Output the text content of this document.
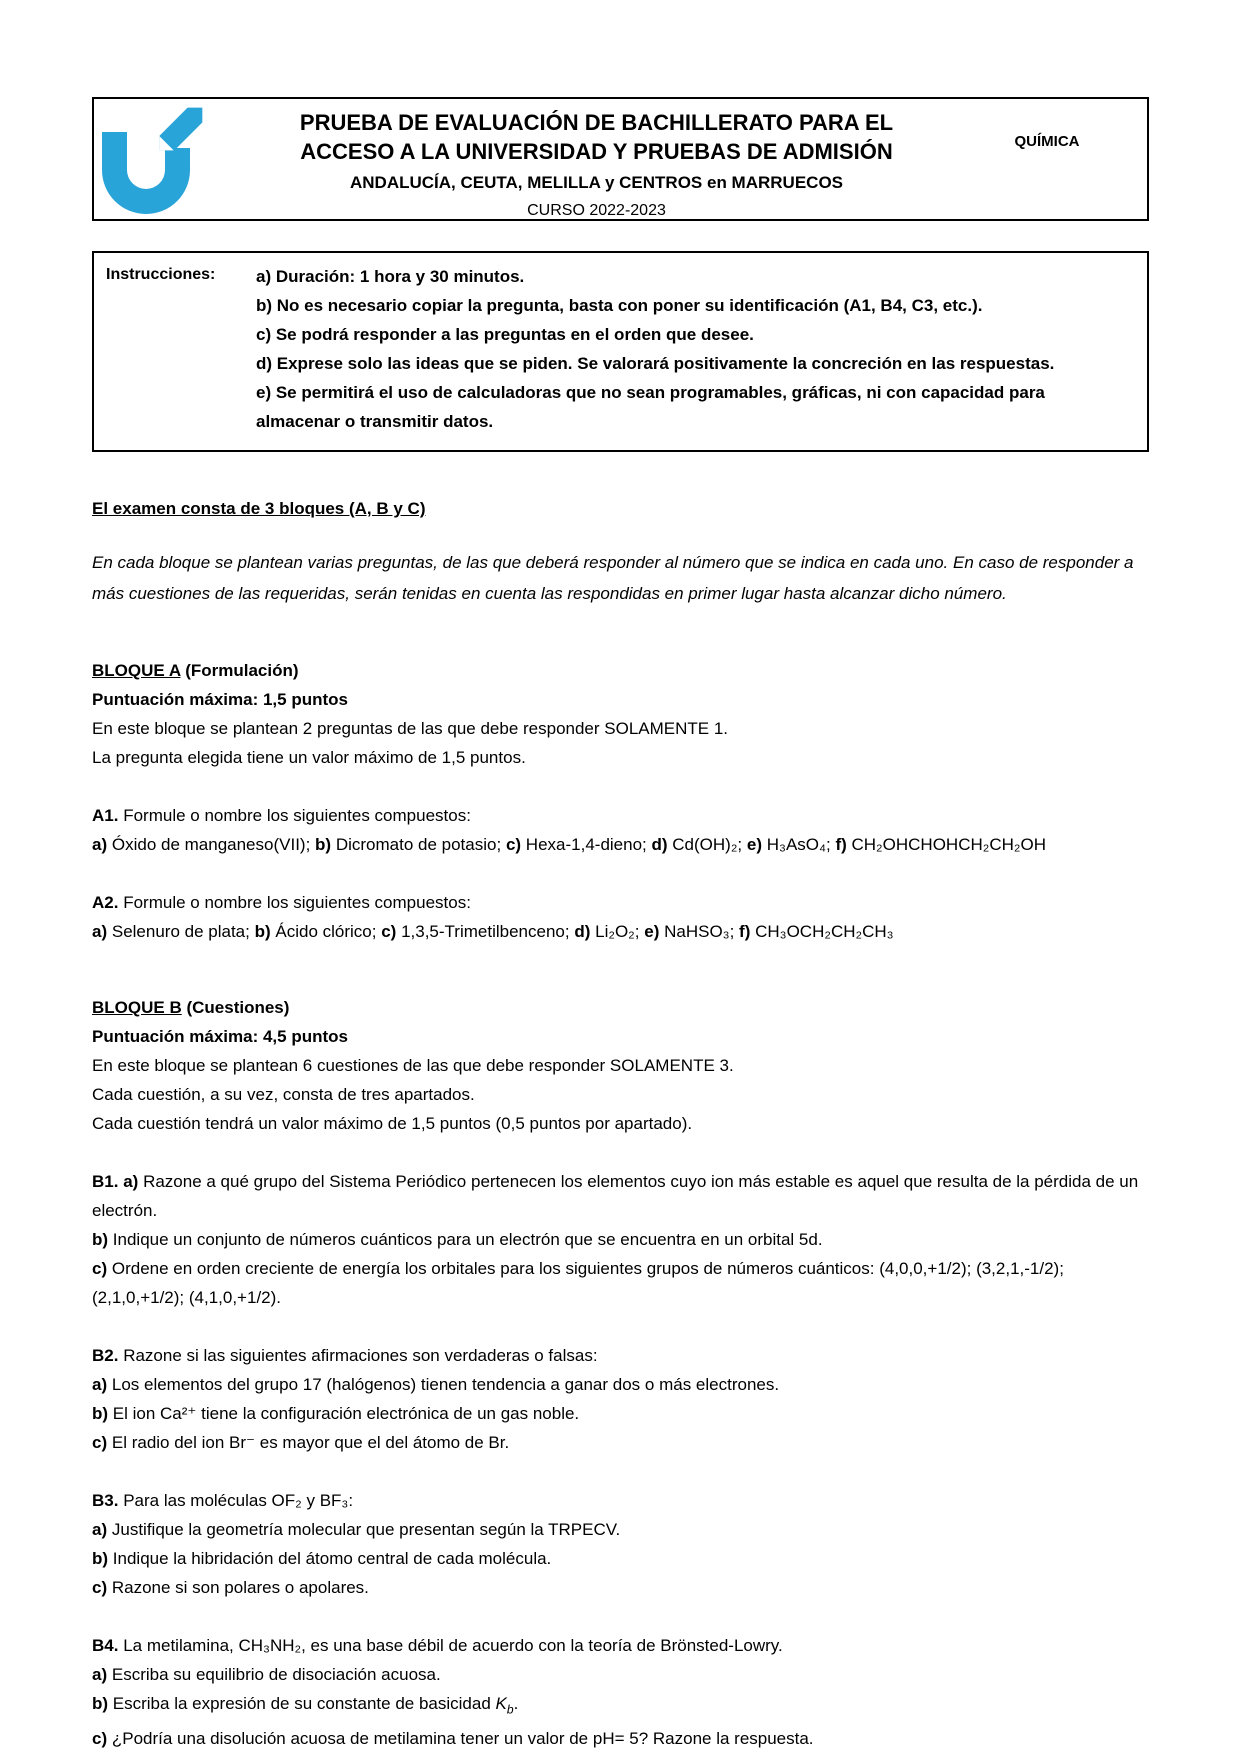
PRUEBA DE EVALUACIÓN DE BACHILLERATO PARA EL
ACCESO A LA UNIVERSIDAD Y PRUEBAS DE ADMISIÓN
ANDALUCÍA, CEUTA, MELILLA y CENTROS en MARRUECOS
CURSO 2022-2023
QUÍMICA
Instrucciones:	a) Duración: 1 hora y 30 minutos.
b) No es necesario copiar la pregunta, basta con poner su identificación (A1, B4, C3, etc.).
c) Se podrá responder a las preguntas en el orden que desee.
d) Exprese solo las ideas que se piden. Se valorará positivamente la concreción en las respuestas.
e) Se permitirá el uso de calculadoras que no sean programables, gráficas, ni con capacidad para almacenar o transmitir datos.
El examen consta de 3 bloques (A, B y C)
En cada bloque se plantean varias preguntas, de las que deberá responder al número que se indica en cada uno. En caso de responder a más cuestiones de las requeridas, serán tenidas en cuenta las respondidas en primer lugar hasta alcanzar dicho número.
BLOQUE A (Formulación)
Puntuación máxima: 1,5 puntos
En este bloque se plantean 2 preguntas de las que debe responder SOLAMENTE 1.
La pregunta elegida tiene un valor máximo de 1,5 puntos.
A1. Formule o nombre los siguientes compuestos:
a) Óxido de manganeso(VII); b) Dicromato de potasio; c) Hexa-1,4-dieno; d) Cd(OH)₂; e) H₃AsO₄; f) CH₂OHCHOHCH₂CH₂OH
A2. Formule o nombre los siguientes compuestos:
a) Selenuro de plata; b) Ácido clórico; c) 1,3,5-Trimetilbenceno; d) Li₂O₂; e) NaHSO₃; f) CH₃OCH₂CH₂CH₃
BLOQUE B (Cuestiones)
Puntuación máxima: 4,5 puntos
En este bloque se plantean 6 cuestiones de las que debe responder SOLAMENTE 3.
Cada cuestión, a su vez, consta de tres apartados.
Cada cuestión tendrá un valor máximo de 1,5 puntos (0,5 puntos por apartado).
B1. a) Razone a qué grupo del Sistema Periódico pertenecen los elementos cuyo ion más estable es aquel que resulta de la pérdida de un electrón.
b) Indique un conjunto de números cuánticos para un electrón que se encuentra en un orbital 5d.
c) Ordene en orden creciente de energía los orbitales para los siguientes grupos de números cuánticos: (4,0,0,+1/2); (3,2,1,-1/2); (2,1,0,+1/2); (4,1,0,+1/2).
B2. Razone si las siguientes afirmaciones son verdaderas o falsas:
a) Los elementos del grupo 17 (halógenos) tienen tendencia a ganar dos o más electrones.
b) El ion Ca²⁺ tiene la configuración electrónica de un gas noble.
c) El radio del ion Br⁻ es mayor que el del átomo de Br.
B3. Para las moléculas OF₂ y BF₃:
a) Justifique la geometría molecular que presentan según la TRPECV.
b) Indique la hibridación del átomo central de cada molécula.
c) Razone si son polares o apolares.
B4. La metilamina, CH₃NH₂, es una base débil de acuerdo con la teoría de Brönsted-Lowry.
a) Escriba su equilibrio de disociación acuosa.
b) Escriba la expresión de su constante de basicidad $K_b$.
c) ¿Podría una disolución acuosa de metilamina tener un valor de pH= 5? Razone la respuesta.
